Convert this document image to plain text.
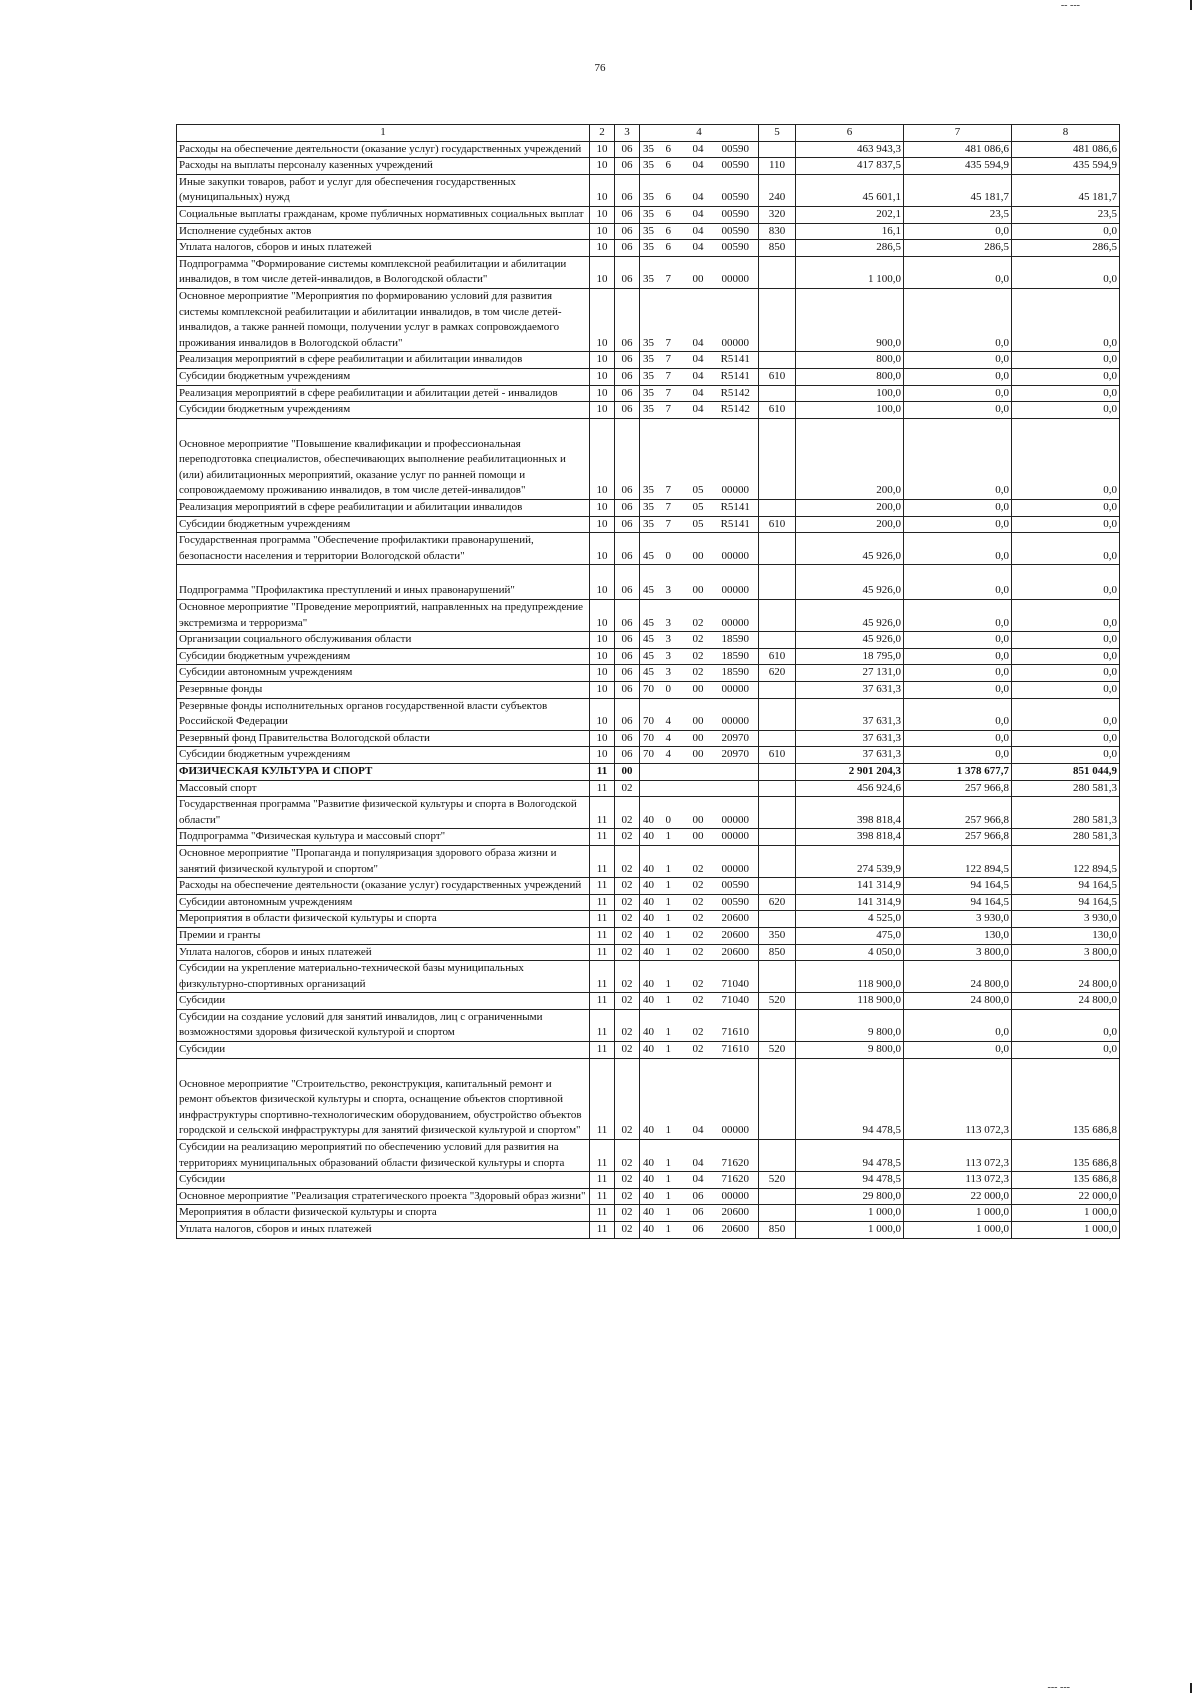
-- ---
76
1	2	3	4				5	6	7	8
Расходы на обеспечение деятельности (оказание услуг) государственных учреждений	10	06	35	6	04	00590		463 943,3	481 086,6	481 086,6
Расходы на выплаты персоналу казенных учреждений	10	06	35	6	04	00590	110	417 837,5	435 594,9	435 594,9
Иные закупки товаров, работ и услуг для обеспечения государственных (муниципальных) нужд	10	06	35	6	04	00590	240	45 601,1	45 181,7	45 181,7
Социальные выплаты гражданам, кроме публичных нормативных социальных выплат	10	06	35	6	04	00590	320	202,1	23,5	23,5
Исполнение судебных актов	10	06	35	6	04	00590	830	16,1	0,0	0,0
Уплата налогов, сборов и иных платежей	10	06	35	6	04	00590	850	286,5	286,5	286,5
Подпрограмма "Формирование системы комплексной реабилитации и абилитации инвалидов, в том числе детей-инвалидов, в Вологодской области"	10	06	35	7	00	00000		1 100,0	0,0	0,0
Основное мероприятие "Мероприятия по формированию условий для развития системы комплексной реабилитации и абилитации инвалидов, в том числе детей-инвалидов, а также ранней помощи, получении услуг в рамках сопровождаемого проживания инвалидов в Вологодской области"	10	06	35	7	04	00000		900,0	0,0	0,0
Реализация мероприятий в сфере реабилитации и абилитации инвалидов	10	06	35	7	04	R5141		800,0	0,0	0,0
Субсидии бюджетным учреждениям	10	06	35	7	04	R5141	610	800,0	0,0	0,0
Реализация мероприятий в сфере реабилитации и абилитации детей - инвалидов	10	06	35	7	04	R5142		100,0	0,0	0,0
Субсидии бюджетным учреждениям	10	06	35	7	04	R5142	610	100,0	0,0	0,0
Основное мероприятие "Повышение квалификации и профессиональная переподготовка специалистов, обеспечивающих выполнение реабилитационных и (или) абилитационных мероприятий, оказание услуг по ранней помощи и сопровождаемому проживанию инвалидов, в том числе детей-инвалидов"	10	06	35	7	05	00000		200,0	0,0	0,0
Реализация мероприятий в сфере реабилитации и абилитации инвалидов	10	06	35	7	05	R5141		200,0	0,0	0,0
Субсидии бюджетным учреждениям	10	06	35	7	05	R5141	610	200,0	0,0	0,0
Государственная программа "Обеспечение профилактики правонарушений, безопасности населения и территории Вологодской области"	10	06	45	0	00	00000		45 926,0	0,0	0,0
Подпрограмма "Профилактика преступлений и иных правонарушений"	10	06	45	3	00	00000		45 926,0	0,0	0,0
Основное мероприятие "Проведение мероприятий, направленных на предупреждение экстремизма и терроризма"	10	06	45	3	02	00000		45 926,0	0,0	0,0
Организации социального обслуживания области	10	06	45	3	02	18590		45 926,0	0,0	0,0
Субсидии бюджетным учреждениям	10	06	45	3	02	18590	610	18 795,0	0,0	0,0
Субсидии автономным учреждениям	10	06	45	3	02	18590	620	27 131,0	0,0	0,0
Резервные фонды	10	06	70	0	00	00000		37 631,3	0,0	0,0
Резервные фонды исполнительных органов государственной власти субъектов Российской Федерации	10	06	70	4	00	00000		37 631,3	0,0	0,0
Резервный фонд Правительства Вологодской области	10	06	70	4	00	20970		37 631,3	0,0	0,0
Субсидии бюджетным учреждениям	10	06	70	4	00	20970	610	37 631,3	0,0	0,0
ФИЗИЧЕСКАЯ КУЛЬТУРА И СПОРТ	11	00						2 901 204,3	1 378 677,7	851 044,9
Массовый спорт	11	02						456 924,6	257 966,8	280 581,3
Государственная программа "Развитие физической культуры и спорта в Вологодской области"	11	02	40	0	00	00000		398 818,4	257 966,8	280 581,3
Подпрограмма "Физическая культура и массовый спорт"	11	02	40	1	00	00000		398 818,4	257 966,8	280 581,3
Основное мероприятие "Пропаганда и популяризация здорового образа жизни и занятий физической культурой и спортом"	11	02	40	1	02	00000		274 539,9	122 894,5	122 894,5
Расходы на обеспечение деятельности (оказание услуг) государственных учреждений	11	02	40	1	02	00590		141 314,9	94 164,5	94 164,5
Субсидии автономным учреждениям	11	02	40	1	02	00590	620	141 314,9	94 164,5	94 164,5
Мероприятия в области физической культуры и спорта	11	02	40	1	02	20600		4 525,0	3 930,0	3 930,0
Премии и гранты	11	02	40	1	02	20600	350	475,0	130,0	130,0
Уплата налогов, сборов и иных платежей	11	02	40	1	02	20600	850	4 050,0	3 800,0	3 800,0
Субсидии на укрепление материально-технической базы муниципальных физкультурно-спортивных организаций	11	02	40	1	02	71040		118 900,0	24 800,0	24 800,0
Субсидии	11	02	40	1	02	71040	520	118 900,0	24 800,0	24 800,0
Субсидии на создание условий для занятий инвалидов, лиц с ограниченными возможностями здоровья физической культурой и спортом	11	02	40	1	02	71610		9 800,0	0,0	0,0
Субсидии	11	02	40	1	02	71610	520	9 800,0	0,0	0,0
Основное мероприятие "Строительство, реконструкция, капитальный ремонт и ремонт объектов физической культуры и спорта, оснащение объектов спортивной инфраструктуры спортивно-технологическим оборудованием, обустройство объектов городской и сельской инфраструктуры для занятий физической культурой и спортом"	11	02	40	1	04	00000		94 478,5	113 072,3	135 686,8
Субсидии на реализацию мероприятий по обеспечению условий для развития на территориях муниципальных образований области физической культуры и спорта	11	02	40	1	04	71620		94 478,5	113 072,3	135 686,8
Субсидии	11	02	40	1	04	71620	520	94 478,5	113 072,3	135 686,8
Основное мероприятие "Реализация стратегического проекта "Здоровый образ жизни"	11	02	40	1	06	00000		29 800,0	22 000,0	22 000,0
Мероприятия в области физической культуры и спорта	11	02	40	1	06	20600		1 000,0	1 000,0	1 000,0
Уплата налогов, сборов и иных платежей	11	02	40	1	06	20600	850	1 000,0	1 000,0	1 000,0
--- ---
